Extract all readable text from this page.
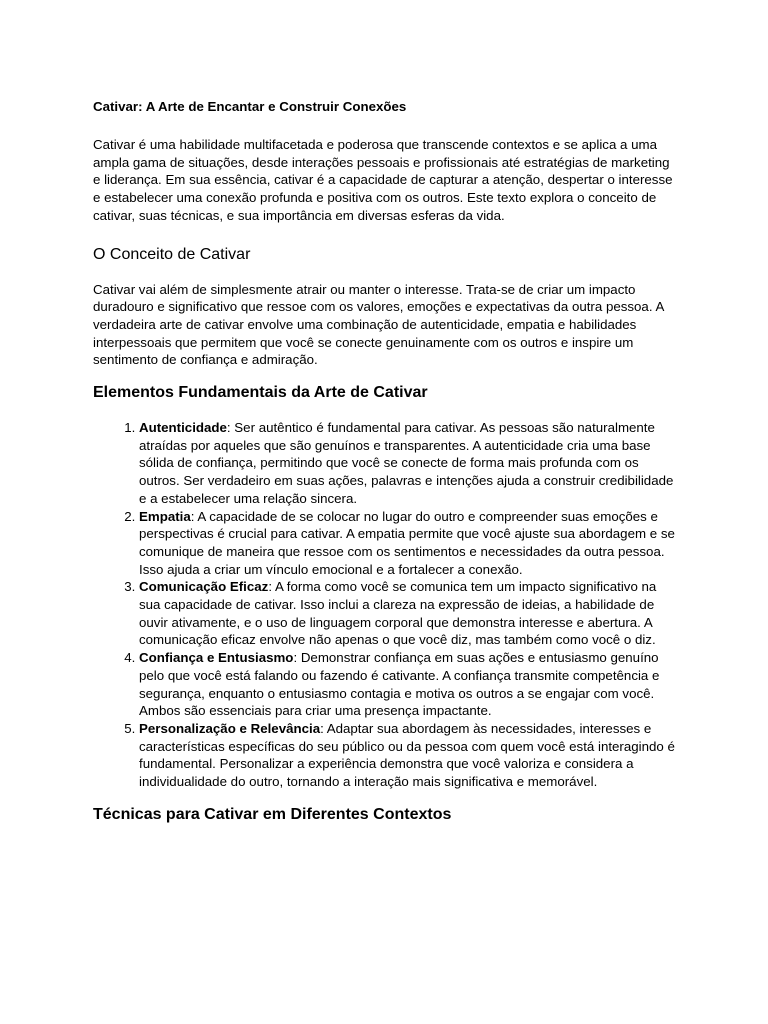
Cativar: A Arte de Encantar e Construir Conexões

Cativar é uma habilidade multifacetada e poderosa que transcende contextos e se aplica a uma ampla gama de situações, desde interações pessoais e profissionais até estratégias de marketing e liderança. Em sua essência, cativar é a capacidade de capturar a atenção, despertar o interesse e estabelecer uma conexão profunda e positiva com os outros. Este texto explora o conceito de cativar, suas técnicas, e sua importância em diversas esferas da vida.

O Conceito de Cativar

Cativar vai além de simplesmente atrair ou manter o interesse. Trata-se de criar um impacto duradouro e significativo que ressoe com os valores, emoções e expectativas da outra pessoa. A verdadeira arte de cativar envolve uma combinação de autenticidade, empatia e habilidades interpessoais que permitem que você se conecte genuinamente com os outros e inspire um sentimento de confiança e admiração.

Elementos Fundamentais da Arte de Cativar
1. Autenticidade: Ser autêntico é fundamental para cativar. As pessoas são naturalmente atraídas por aqueles que são genuínos e transparentes. A autenticidade cria uma base sólida de confiança, permitindo que você se conecte de forma mais profunda com os outros. Ser verdadeiro em suas ações, palavras e intenções ajuda a construir credibilidade e a estabelecer uma relação sincera.
2. Empatia: A capacidade de se colocar no lugar do outro e compreender suas emoções e perspectivas é crucial para cativar. A empatia permite que você ajuste sua abordagem e se comunique de maneira que ressoe com os sentimentos e necessidades da outra pessoa. Isso ajuda a criar um vínculo emocional e a fortalecer a conexão.
3. Comunicação Eficaz: A forma como você se comunica tem um impacto significativo na sua capacidade de cativar. Isso inclui a clareza na expressão de ideias, a habilidade de ouvir ativamente, e o uso de linguagem corporal que demonstra interesse e abertura. A comunicação eficaz envolve não apenas o que você diz, mas também como você o diz.
4. Confiança e Entusiasmo: Demonstrar confiança em suas ações e entusiasmo genuíno pelo que você está falando ou fazendo é cativante. A confiança transmite competência e segurança, enquanto o entusiasmo contagia e motiva os outros a se engajar com você. Ambos são essenciais para criar uma presença impactante.
5. Personalização e Relevância: Adaptar sua abordagem às necessidades, interesses e características específicas do seu público ou da pessoa com quem você está interagindo é fundamental. Personalizar a experiência demonstra que você valoriza e considera a individualidade do outro, tornando a interação mais significativa e memorável.
Técnicas para Cativar em Diferentes Contextos
